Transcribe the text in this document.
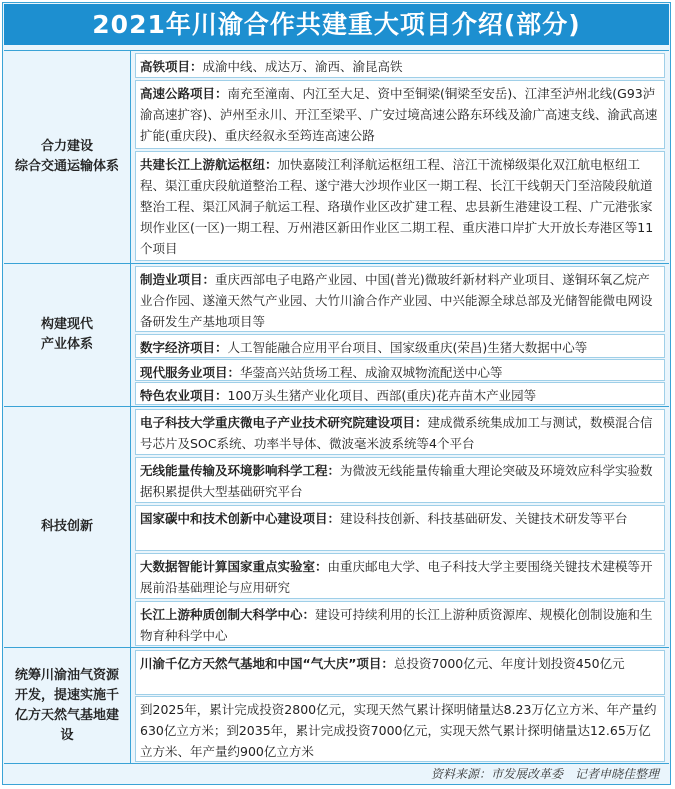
2021年川渝合作共建重大项目介绍(部分)
合力建设
综合交通运输体系

高铁项目：成渝中线、成达万、渝西、渝昆高铁

高速公路项目：南充至潼南、内江至大足、资中至铜梁(铜梁至安岳)、江津至泸州北线(G93泸渝高速扩容)、泸州至永川、开江至梁平、广安过境高速公路东环线及渝广高速支线、渝武高速扩能(重庆段)、重庆经叙永至筠连高速公路

共建长江上游航运枢纽：加快嘉陵江利泽航运枢纽工程、涪江干流梯级渠化双江航电枢纽工程、渠江重庆段航道整治工程、遂宁港大沙坝作业区一期工程、长江干线朝天门至涪陵段航道整治工程、渠江风洞子航运工程、珞璜作业区改扩建工程、忠县新生港建设工程、广元港张家坝作业区(一区)一期工程、万州港区新田作业区二期工程、重庆港口岸扩大开放长寿港区等11个项目

构建现代
产业体系

制造业项目：重庆西部电子电路产业园、中国(普光)微玻纤新材料产业项目、遂铜环氧乙烷产业合作园、遂潼天然气产业园、大竹川渝合作产业园、中兴能源全球总部及光储智能微电网设备研发生产基地项目等

数字经济项目：人工智能融合应用平台项目、国家级重庆(荣昌)生猪大数据中心等

现代服务业项目：华蓥高兴站货场工程、成渝双城物流配送中心等

特色农业项目：100万头生猪产业化项目、西部(重庆)花卉苗木产业园等

科技创新

电子科技大学重庆微电子产业技术研究院建设项目：建成微系统集成加工与测试，数模混合信号芯片及SOC系统、功率半导体、微波毫米波系统等4个平台

无线能量传输及环境影响科学工程：为微波无线能量传输重大理论突破及环境效应科学实验数据积累提供大型基础研究平台

国家碳中和技术创新中心建设项目：建设科技创新、科技基础研发、关键技术研发等平台

大数据智能计算国家重点实验室：由重庆邮电大学、电子科技大学主要围绕关键技术建模等开展前沿基础理论与应用研究

长江上游种质创制大科学中心：建设可持续利用的长江上游种质资源库、规模化创制设施和生物育种科学中心

统筹川渝油气资源开发，提速实施千亿方天然气基地建设

川渝千亿方天然气基地和中国“气大庆”项目：总投资7000亿元、年度计划投资450亿元

到2025年，累计完成投资2800亿元，实现天然气累计探明储量达8.23万亿立方米、年产量约630亿立方米；到2035年，累计完成投资7000亿元，实现天然气累计探明储量达12.65万亿立方米、年产量约900亿立方米

资料来源：市发展改革委　记者申晓佳整理
